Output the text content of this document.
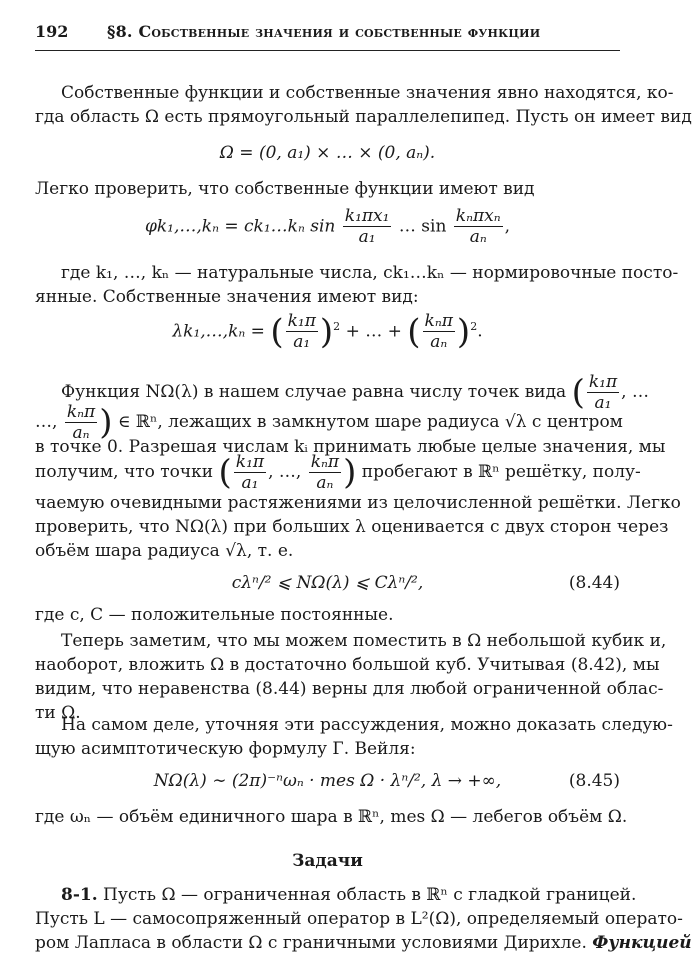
192 §8. Собственные значения и собственные функции
Собственные функции и собственные значения явно находятся, ко-
гда область Ω есть прямоугольный параллелепипед. Пусть он имеет вид
Ω = (0, a₁) × … × (0, aₙ).
Легко проверить, что собственные функции имеют вид
φk₁,…,kₙ = ck₁…kₙ $\sin \frac{\text{k₁πx₁}}{\text{a₁}}$ … $\sin \frac{\text{kₙπxₙ}}{\text{aₙ}}$ ,
где k₁, …, kₙ — натуральные числа, ck₁…kₙ — нормировочные посто-
янные. Собственные значения имеют вид:
λk₁,…,kₙ = ( $\frac{\text{k₁π}}{\text{a₁}} )^2$ + … + ( $\frac{\text{kₙπ}}{\text{aₙ}} )^2$.
Функция NΩ(λ) в нашем случае равна числу точек вида ( $\frac{\text{k₁π}}{\text{a₁}}$ , …
…, $\frac{\text{kₙπ}}{\text{aₙ}}$ ) ∈ ℝⁿ, лежащих в замкнутом шаре радиуса √λ с центром
в точке 0. Разрешая числам kᵢ принимать любые целые значения, мы
получим, что точки ( $\frac{\text{k₁π}}{\text{a₁}}$ , …, $\frac{\text{kₙπ}}{\text{aₙ}}$ ) пробегают в ℝⁿ решётку, полу-
чаемую очевидными растяжениями из целочисленной решётки. Легко
проверить, что NΩ(λ) при больших λ оценивается с двух сторон через
объём шара радиуса √λ, т. е.
cλⁿ/² ⩽ NΩ(λ) ⩽ Cλⁿ/²,	(8.44)
где c, C — положительные постоянные.
Теперь заметим, что мы можем поместить в Ω небольшой кубик и,
наоборот, вложить Ω в достаточно большой куб. Учитывая (8.42), мы
видим, что неравенства (8.44) верны для любой ограниченной облас-
ти Ω.
На самом деле, уточняя эти рассуждения, можно доказать следую-
щую асимптотическую формулу Г. Вейля:
NΩ(λ) ∼ (2π)⁻ⁿωₙ · mes Ω · λⁿ/², λ → +∞,	(8.45)
где ωₙ — объём единичного шара в ℝⁿ, mes Ω — лебегов объём Ω.
Задачи
8-1. Пусть Ω — ограниченная область в ℝⁿ с гладкой границей.
Пусть L — самосопряженный оператор в L²(Ω), определяемый операто-
ром Лапласа в области Ω с граничными условиями Дирихле. Функцией
